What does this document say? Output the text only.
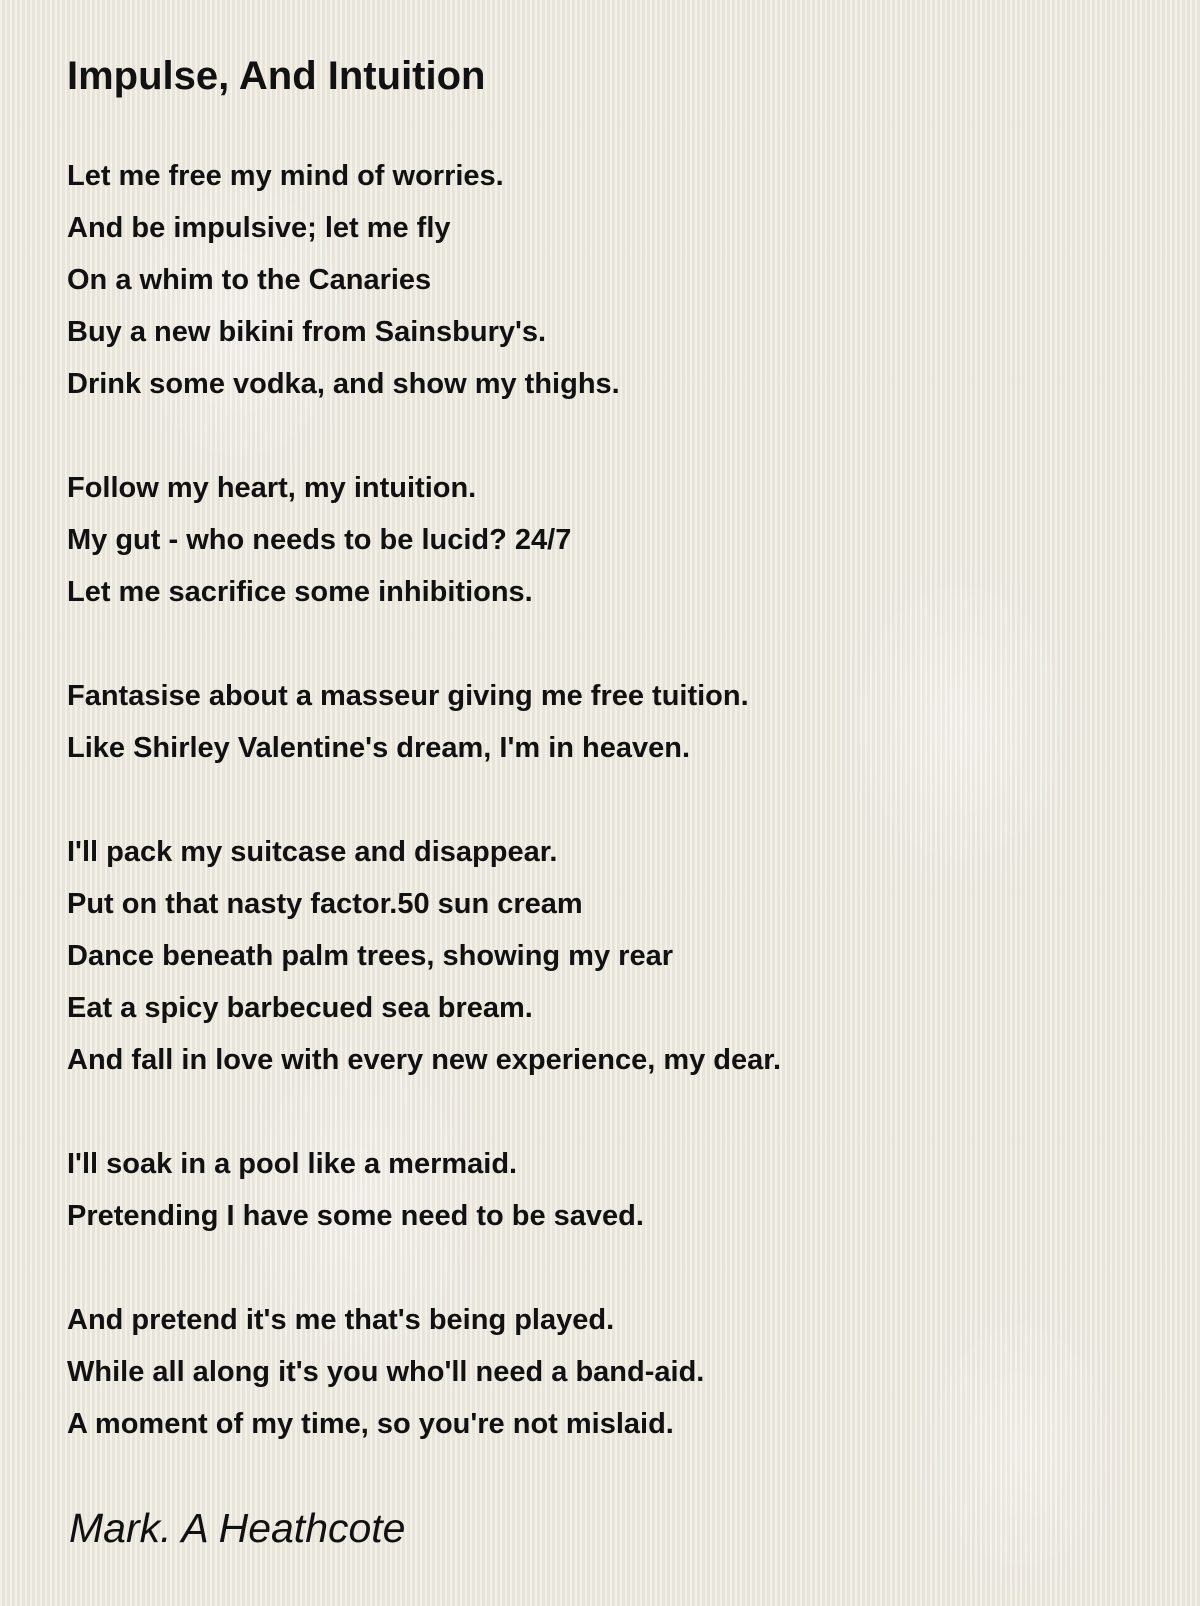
Impulse, And Intuition
Let me free my mind of worries.
And be impulsive; let me fly
On a whim to the Canaries
Buy a new bikini from Sainsbury's.
Drink some vodka, and show my thighs.
Follow my heart, my intuition.
My gut - who needs to be lucid? 24/7
Let me sacrifice some inhibitions.
Fantasise about a masseur giving me free tuition.
Like Shirley Valentine's dream, I'm in heaven.
I'll pack my suitcase and disappear.
Put on that nasty factor.50 sun cream
Dance beneath palm trees, showing my rear
Eat a spicy barbecued sea bream.
And fall in love with every new experience, my dear.
I'll soak in a pool like a mermaid.
Pretending I have some need to be saved.
And pretend it's me that's being played.
While all along it's you who'll need a band-aid.
A moment of my time, so you're not mislaid.
Mark. A Heathcote
